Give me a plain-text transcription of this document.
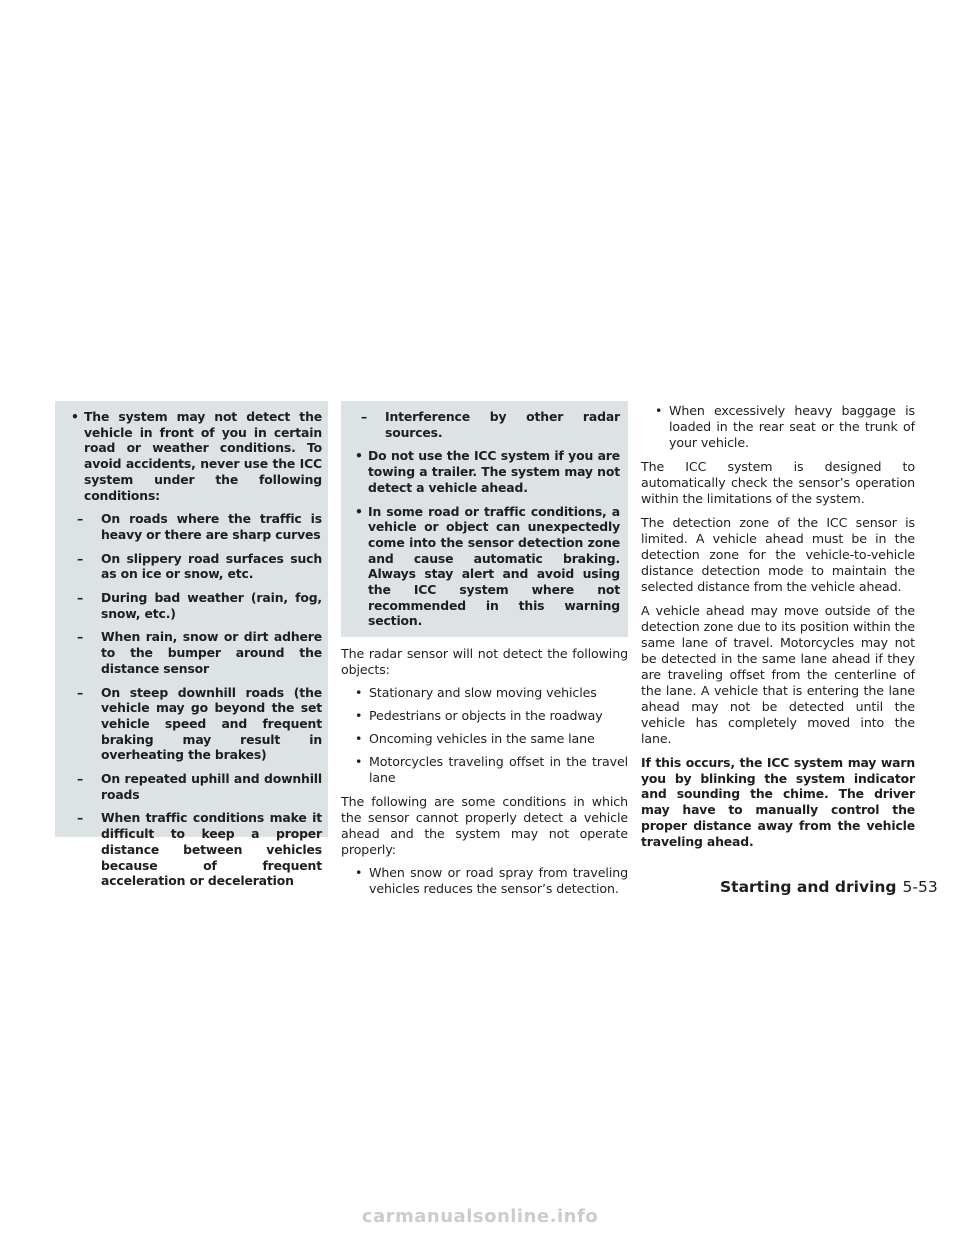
• The system may not detect the vehicle in front of you in certain road or weather conditions. To avoid accidents, never use the ICC system under the following conditions:

– On roads where the traffic is heavy or there are sharp curves

– On slippery road surfaces such as on ice or snow, etc.

– During bad weather (rain, fog, snow, etc.)

– When rain, snow or dirt adhere to the bumper around the distance sensor

– On steep downhill roads (the vehicle may go beyond the set vehicle speed and frequent braking may result in overheating the brakes)

– On repeated uphill and downhill roads

– When traffic conditions make it difficult to keep a proper distance between vehicles because of frequent acceleration or deceleration

– Interference by other radar sources.

• Do not use the ICC system if you are towing a trailer. The system may not detect a vehicle ahead.

• In some road or traffic conditions, a vehicle or object can unexpectedly come into the sensor detection zone and cause automatic braking. Always stay alert and avoid using the ICC system where not recommended in this warning section.

The radar sensor will not detect the following objects:

• Stationary and slow moving vehicles

• Pedestrians or objects in the roadway

• Oncoming vehicles in the same lane

• Motorcycles traveling offset in the travel lane

The following are some conditions in which the sensor cannot properly detect a vehicle ahead and the system may not operate properly:

• When snow or road spray from traveling vehicles reduces the sensor’s detection.

• When excessively heavy baggage is loaded in the rear seat or the trunk of your vehicle.

The ICC system is designed to automatically check the sensor’s operation within the limitations of the system.

The detection zone of the ICC sensor is limited. A vehicle ahead must be in the detection zone for the vehicle-to-vehicle distance detection mode to maintain the selected distance from the vehicle ahead.

A vehicle ahead may move outside of the detection zone due to its position within the same lane of travel. Motorcycles may not be detected in the same lane ahead if they are traveling offset from the centerline of the lane. A vehicle that is entering the lane ahead may not be detected until the vehicle has completely moved into the lane.

If this occurs, the ICC system may warn you by blinking the system indicator and sounding the chime. The driver may have to manually control the proper distance away from the vehicle traveling ahead.

Starting and driving 5-53
carmanualsonline.info
